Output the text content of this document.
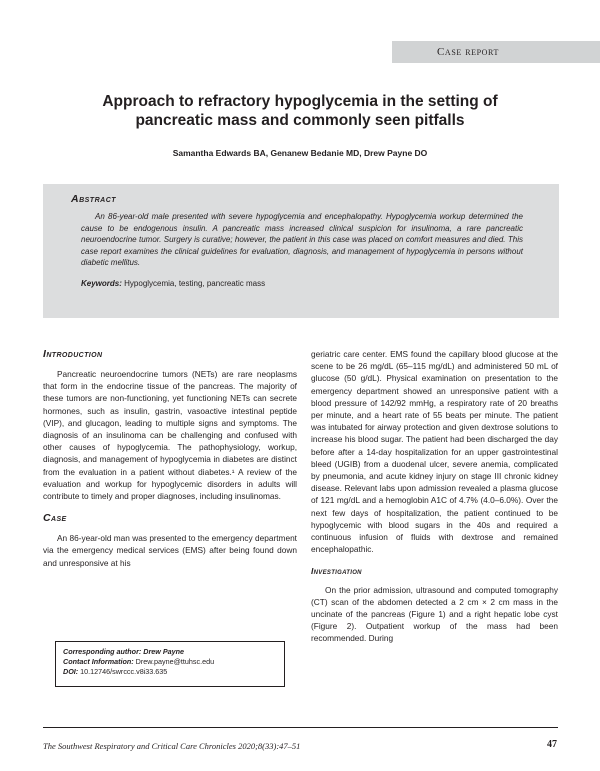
Case report
Approach to refractory hypoglycemia in the setting of
pancreatic mass and commonly seen pitfalls
Samantha Edwards BA, Genanew Bedanie MD, Drew Payne DO
Abstract
An 86-year-old male presented with severe hypoglycemia and encephalopathy. Hypoglycemia workup determined the cause to be endogenous insulin. A pancreatic mass increased clinical suspicion for insulinoma, a rare pancreatic neuroendocrine tumor. Surgery is curative; however, the patient in this case was placed on comfort measures and died. This case report examines the clinical guidelines for evaluation, diagnosis, and management of hypoglycemia in persons without diabetic mellitus.
Keywords: Hypoglycemia, testing, pancreatic mass
Introduction

Pancreatic neuroendocrine tumors (NETs) are rare neoplasms that form in the endocrine tissue of the pancreas. The majority of these tumors are non-functioning, yet functioning NETs can secrete hormones, such as insulin, gastrin, vasoactive intestinal peptide (VIP), and glucagon, leading to multiple signs and symptoms. The diagnosis of an insulinoma can be challenging and confused with other causes of hypoglycemia. The pathophysiology, workup, diagnosis, and management of hypoglycemia in diabetes are distinct from the evaluation in a patient without diabetes.¹ A review of the evaluation and workup for hypoglycemic disorders in adults will contribute to timely and proper diagnoses, including insulinomas.

Case

An 86-year-old man was presented to the emergency department via the emergency medical services (EMS) after being found down and unresponsive at his

geriatric care center. EMS found the capillary blood glucose at the scene to be 26 mg/dL (65–115 mg/dL) and administered 50 mL of glucose (50 g/dL). Physical examination on presentation to the emergency department showed an unresponsive patient with a blood pressure of 142/92 mmHg, a respiratory rate of 20 breaths per minute, and a heart rate of 55 beats per minute. The patient was intubated for airway protection and given dextrose solutions to increase his blood sugar. The patient had been discharged the day before after a 14-day hospitalization for an upper gastrointestinal bleed (UGIB) from a duodenal ulcer, severe anemia, complicated by pneumonia, and acute kidney injury on stage III chronic kidney disease. Relevant labs upon admission revealed a plasma glucose of 121 mg/dL and a hemoglobin A1C of 4.7% (4.0–6.0%). Over the next few days of hospitalization, the patient continued to be hypoglycemic with blood sugars in the 40s and required a continuous infusion of fluids with dextrose and remained encephalopathic.

Investigation

On the prior admission, ultrasound and computed tomography (CT) scan of the abdomen detected a 2 cm × 2 cm mass in the uncinate of the pancreas (Figure 1) and a right hepatic lobe cyst (Figure 2). Outpatient workup of the mass had been recommended. During

Corresponding author: Drew Payne
Contact Information: Drew.payne@ttuhsc.edu
DOI: 10.12746/swrccc.v8i33.635
The Southwest Respiratory and Critical Care Chronicles 2020;8(33):47–51	47
